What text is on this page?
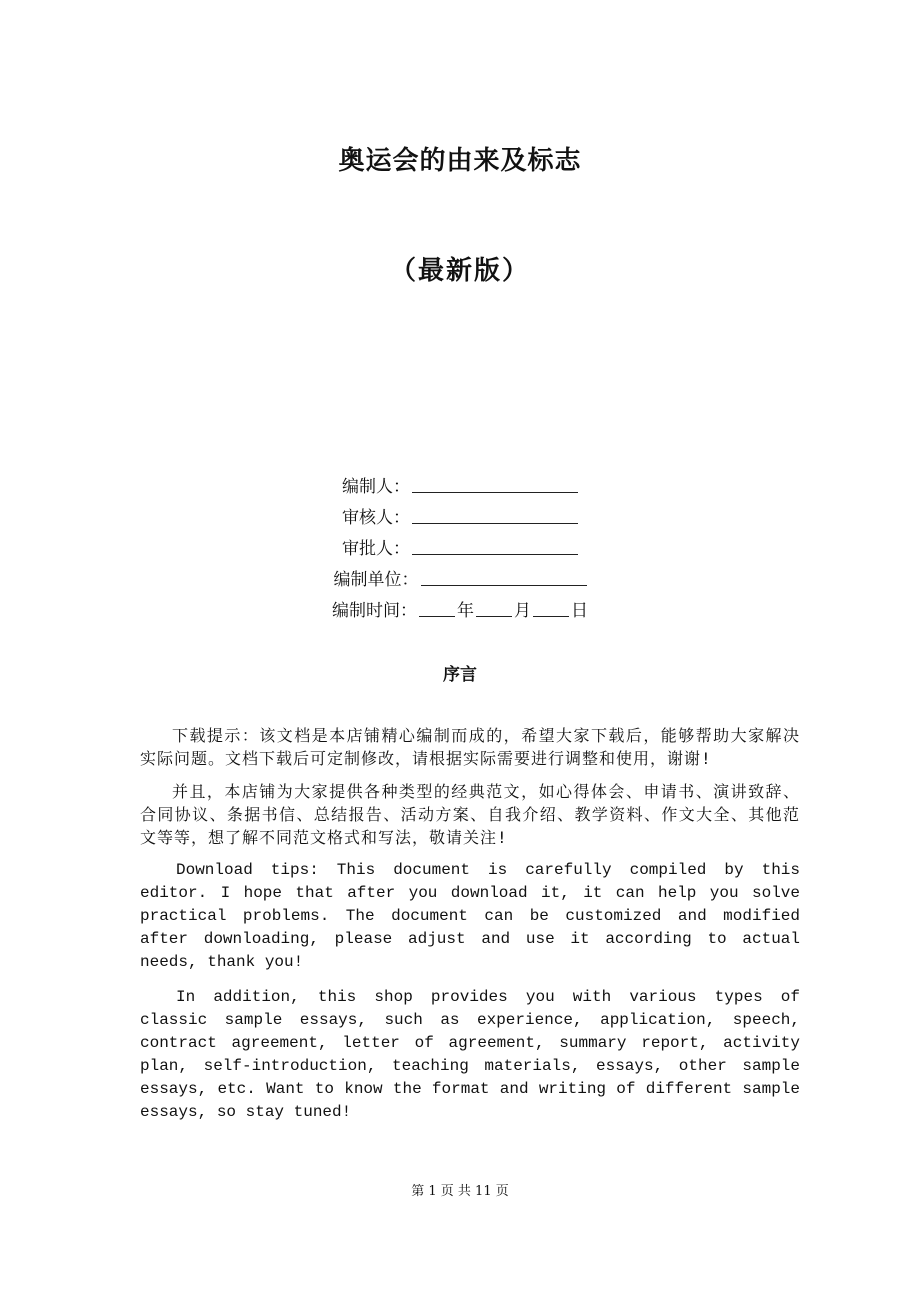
奥运会的由来及标志
（最新版）
编制人：
审核人：
审批人：
编制单位：
编制时间： 年 月 日
序言

下载提示：该文档是本店铺精心编制而成的，希望大家下载后，能够帮助大家解决实际问题。文档下载后可定制修改，请根据实际需要进行调整和使用，谢谢!

并且，本店铺为大家提供各种类型的经典范文，如心得体会、申请书、演讲致辞、合同协议、条据书信、总结报告、活动方案、自我介绍、教学资料、作文大全、其他范文等等，想了解不同范文格式和写法，敬请关注!

Download tips: This document is carefully compiled by this editor. I hope that after you download it, it can help you solve practical problems. The document can be customized and modified after downloading, please adjust and use it according to actual needs, thank you!

In addition, this shop provides you with various types of classic sample essays, such as experience, application, speech, contract agreement, letter of agreement, summary report, activity plan, self-introduction, teaching materials, essays, other sample essays, etc. Want to know the format and writing of different sample essays, so stay tuned!

第 1 页 共 11 页
